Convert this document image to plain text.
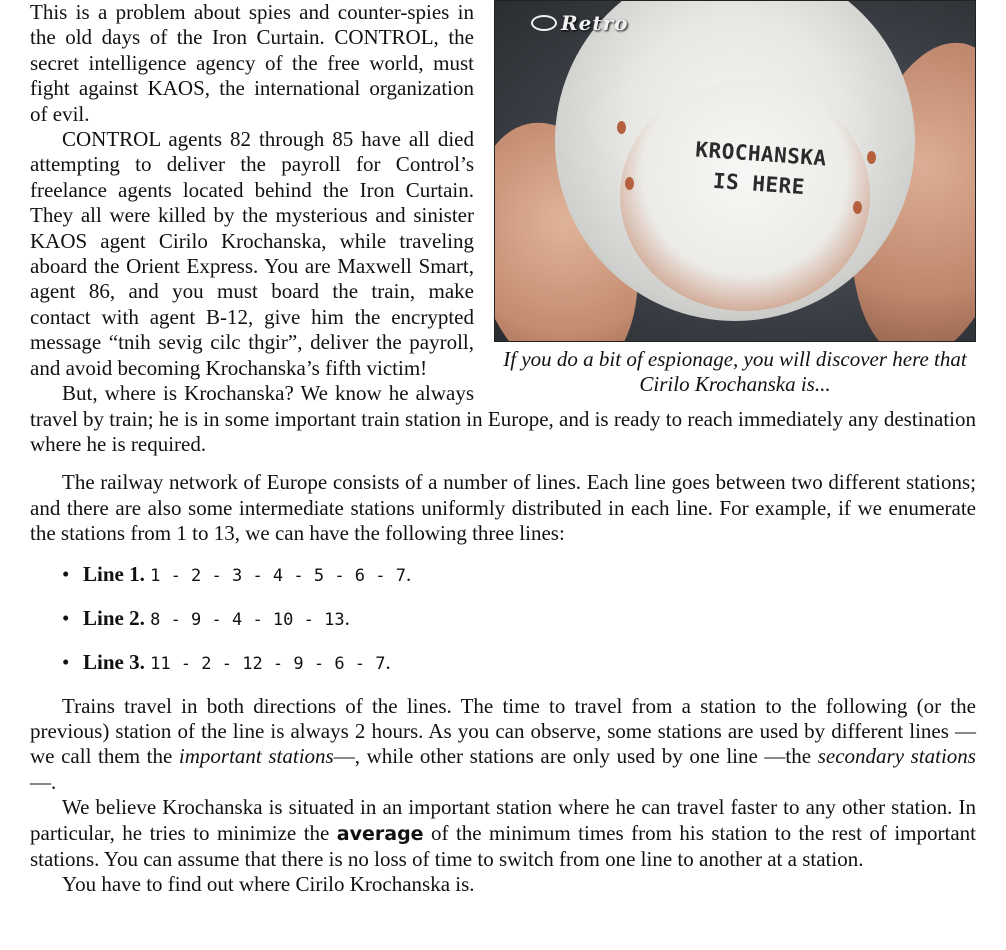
KROCHANSKA
IS HERE
Retro
If you do a bit of espionage, you will discover here that Cirilo Krochanska is...

This is a problem about spies and counter-spies in the old days of the Iron Curtain. CONTROL, the secret intelligence agency of the free world, must fight against KAOS, the international organization of evil.

CONTROL agents 82 through 85 have all died attempting to deliver the payroll for Control’s freelance agents located behind the Iron Curtain. They all were killed by the mysterious and sinister KAOS agent Cirilo Krochanska, while traveling aboard the Orient Express. You are Maxwell Smart, agent 86, and you must board the train, make contact with agent B-12, give him the encrypted message “tnih sevig cilc thgir”, deliver the payroll, and avoid becoming Krochanska’s fifth victim!

But, where is Krochanska? We know he always travel by train; he is in some important train station in Europe, and is ready to reach immediately any destination where he is required.

The railway network of Europe consists of a number of lines. Each line goes between two different stations; and there are also some intermediate stations uniformly distributed in each line. For example, if we enumerate the stations from 1 to 13, we can have the following three lines:

• Line 1. 1 - 2 - 3 - 4 - 5 - 6 - 7.
• Line 2. 8 - 9 - 4 - 10 - 13.
• Line 3. 11 - 2 - 12 - 9 - 6 - 7.

Trains travel in both directions of the lines. The time to travel from a station to the following (or the previous) station of the line is always 2 hours. As you can observe, some stations are used by different lines —we call them the important stations—, while other stations are only used by one line —the secondary stations—.

We believe Krochanska is situated in an important station where he can travel faster to any other station. In particular, he tries to minimize the average of the minimum times from his station to the rest of important stations. You can assume that there is no loss of time to switch from one line to another at a station.

You have to find out where Cirilo Krochanska is.
